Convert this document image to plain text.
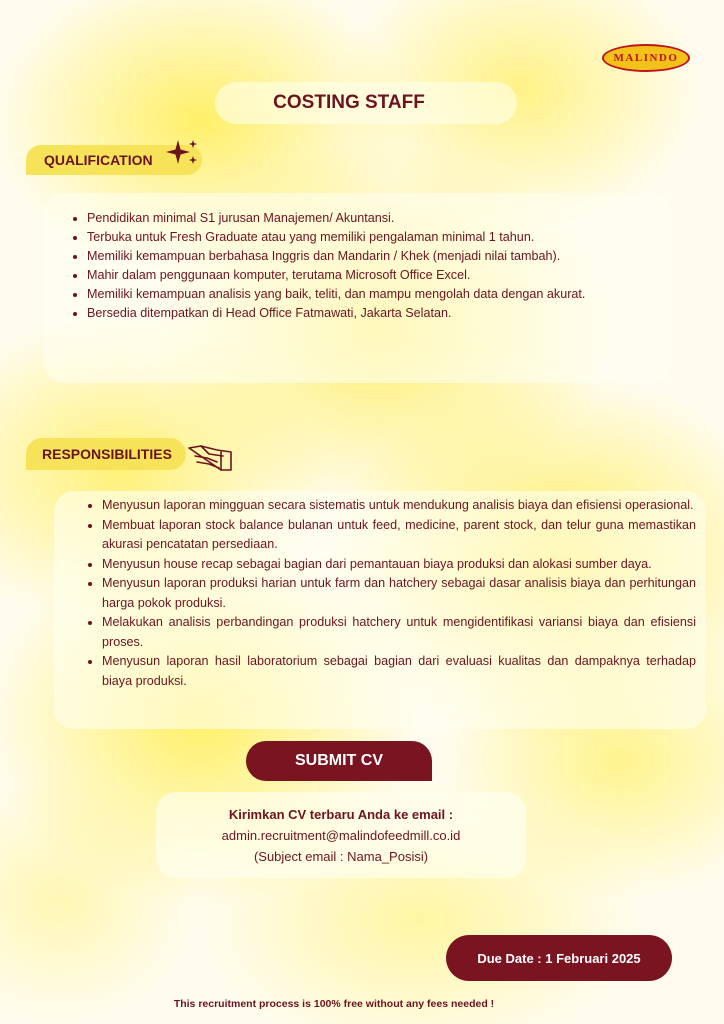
MALINDO
COSTING STAFF
QUALIFICATION
• Pendidikan minimal S1 jurusan Manajemen/ Akuntansi.
• Terbuka untuk Fresh Graduate atau yang memiliki pengalaman minimal 1 tahun.
• Memiliki kemampuan berbahasa Inggris dan Mandarin / Khek (menjadi nilai tambah).
• Mahir dalam penggunaan komputer, terutama Microsoft Office Excel.
• Memiliki kemampuan analisis yang baik, teliti, dan mampu mengolah data dengan akurat.
• Bersedia ditempatkan di Head Office Fatmawati, Jakarta Selatan.
RESPONSIBILITIES
• Menyusun laporan mingguan secara sistematis untuk mendukung analisis biaya dan efisiensi operasional.
• Membuat laporan stock balance bulanan untuk feed, medicine, parent stock, dan telur guna memastikan akurasi pencatatan persediaan.
• Menyusun house recap sebagai bagian dari pemantauan biaya produksi dan alokasi sumber daya.
• Menyusun laporan produksi harian untuk farm dan hatchery sebagai dasar analisis biaya dan perhitungan harga pokok produksi.
• Melakukan analisis perbandingan produksi hatchery untuk mengidentifikasi variansi biaya dan efisiensi proses.
• Menyusun laporan hasil laboratorium sebagai bagian dari evaluasi kualitas dan dampaknya terhadap biaya produksi.
SUBMIT CV
Kirimkan CV terbaru Anda ke email :
admin.recruitment@malindofeedmill.co.id
(Subject email : Nama_Posisi)
Due Date : 1 Februari 2025
This recruitment process is 100% free without any fees needed !
